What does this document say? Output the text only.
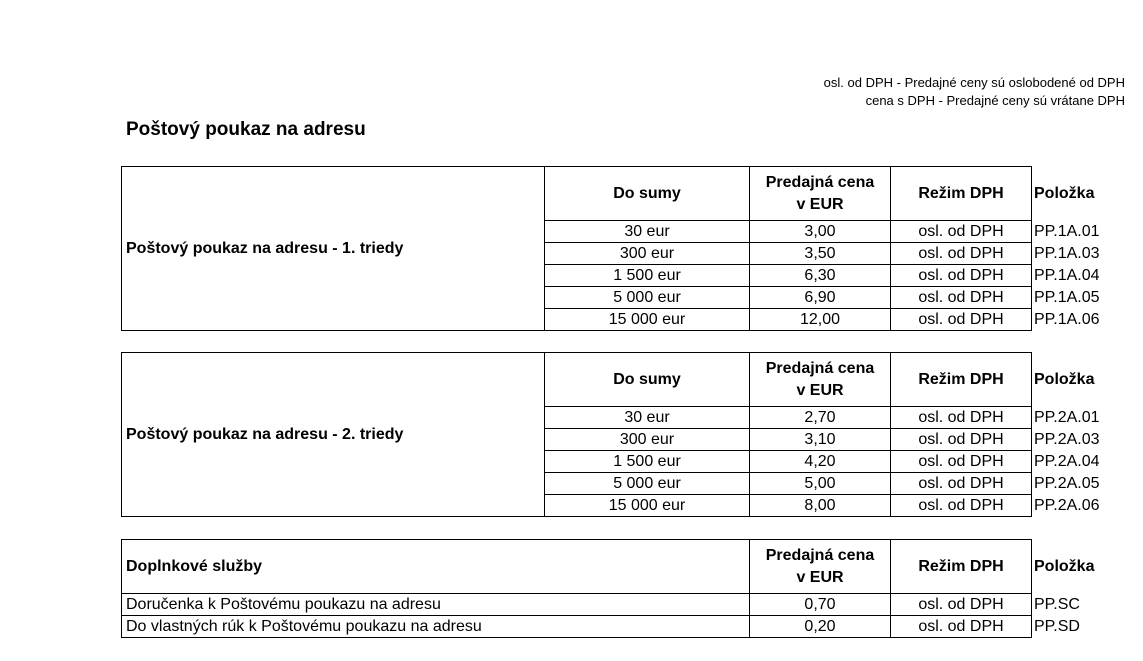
osl. od DPH - Predajné ceny sú oslobodené od DPH
cena s DPH - Predajné ceny sú vrátane DPH
Poštový poukaz na adresu
Poštový poukaz na adresu - 1. triedy	Do sumy	Predajná cena
v EUR	Režim DPH	Položka
	30 eur	3,00	osl. od DPH	PP.1A.01
	300 eur	3,50	osl. od DPH	PP.1A.03
	1 500 eur	6,30	osl. od DPH	PP.1A.04
	5 000 eur	6,90	osl. od DPH	PP.1A.05
	15 000 eur	12,00	osl. od DPH	PP.1A.06
Poštový poukaz na adresu - 2. triedy	Do sumy	Predajná cena
v EUR	Režim DPH	Položka
	30 eur	2,70	osl. od DPH	PP.2A.01
	300 eur	3,10	osl. od DPH	PP.2A.03
	1 500 eur	4,20	osl. od DPH	PP.2A.04
	5 000 eur	5,00	osl. od DPH	PP.2A.05
	15 000 eur	8,00	osl. od DPH	PP.2A.06
Doplnkové služby	Predajná cena
v EUR	Režim DPH	Položka
Doručenka k Poštovému poukazu na adresu	0,70	osl. od DPH	PP.SC
Do vlastných rúk k Poštovému poukazu na adresu	0,20	osl. od DPH	PP.SD
